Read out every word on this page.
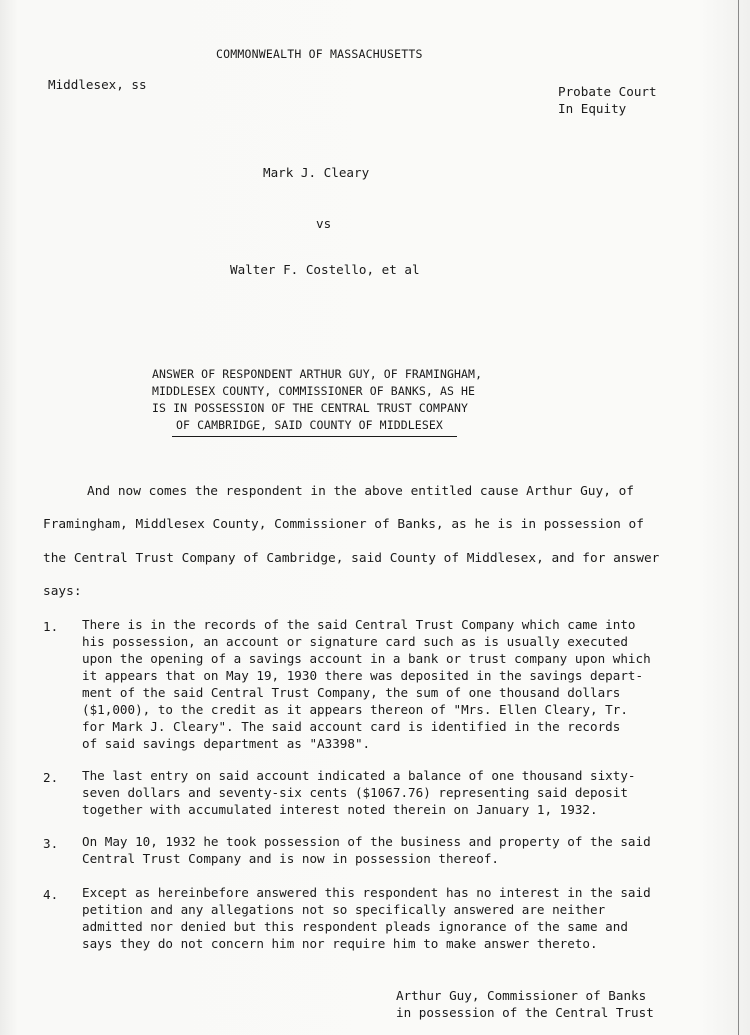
COMMONWEALTH OF MASSACHUSETTS
Middlesex, ss	Probate Court
In Equity
Mark J. Cleary
vs
Walter F. Costello, et al
ANSWER OF RESPONDENT ARTHUR GUY, OF FRAMINGHAM,
MIDDLESEX COUNTY, COMMISSIONER OF BANKS, AS HE
IS IN POSSESSION OF THE CENTRAL TRUST COMPANY
OF CAMBRIDGE, SAID COUNTY OF MIDDLESEX
And now comes the respondent in the above entitled cause Arthur Guy, of
Framingham, Middlesex County, Commissioner of Banks, as he is in possession of
the Central Trust Company of Cambridge, said County of Middlesex, and for answer
says:
1. There is in the records of the said Central Trust Company which came into
his possession, an account or signature card such as is usually executed
upon the opening of a savings account in a bank or trust company upon which
it appears that on May 19, 1930 there was deposited in the savings depart-
ment of the said Central Trust Company, the sum of one thousand dollars
($1,000), to the credit as it appears thereon of "Mrs. Ellen Cleary, Tr.
for Mark J. Cleary". The said account card is identified in the records
of said savings department as "A3398".
2. The last entry on said account indicated a balance of one thousand sixty-
seven dollars and seventy-six cents ($1067.76) representing said deposit
together with accumulated interest noted therein on January 1, 1932.
3. On May 10, 1932 he took possession of the business and property of the said
Central Trust Company and is now in possession thereof.
4. Except as hereinbefore answered this respondent has no interest in the said
petition and any allegations not so specifically answered are neither
admitted nor denied but this respondent pleads ignorance of the same and
says they do not concern him nor require him to make answer thereto.
Arthur Guy, Commissioner of Banks
in possession of the Central Trust
